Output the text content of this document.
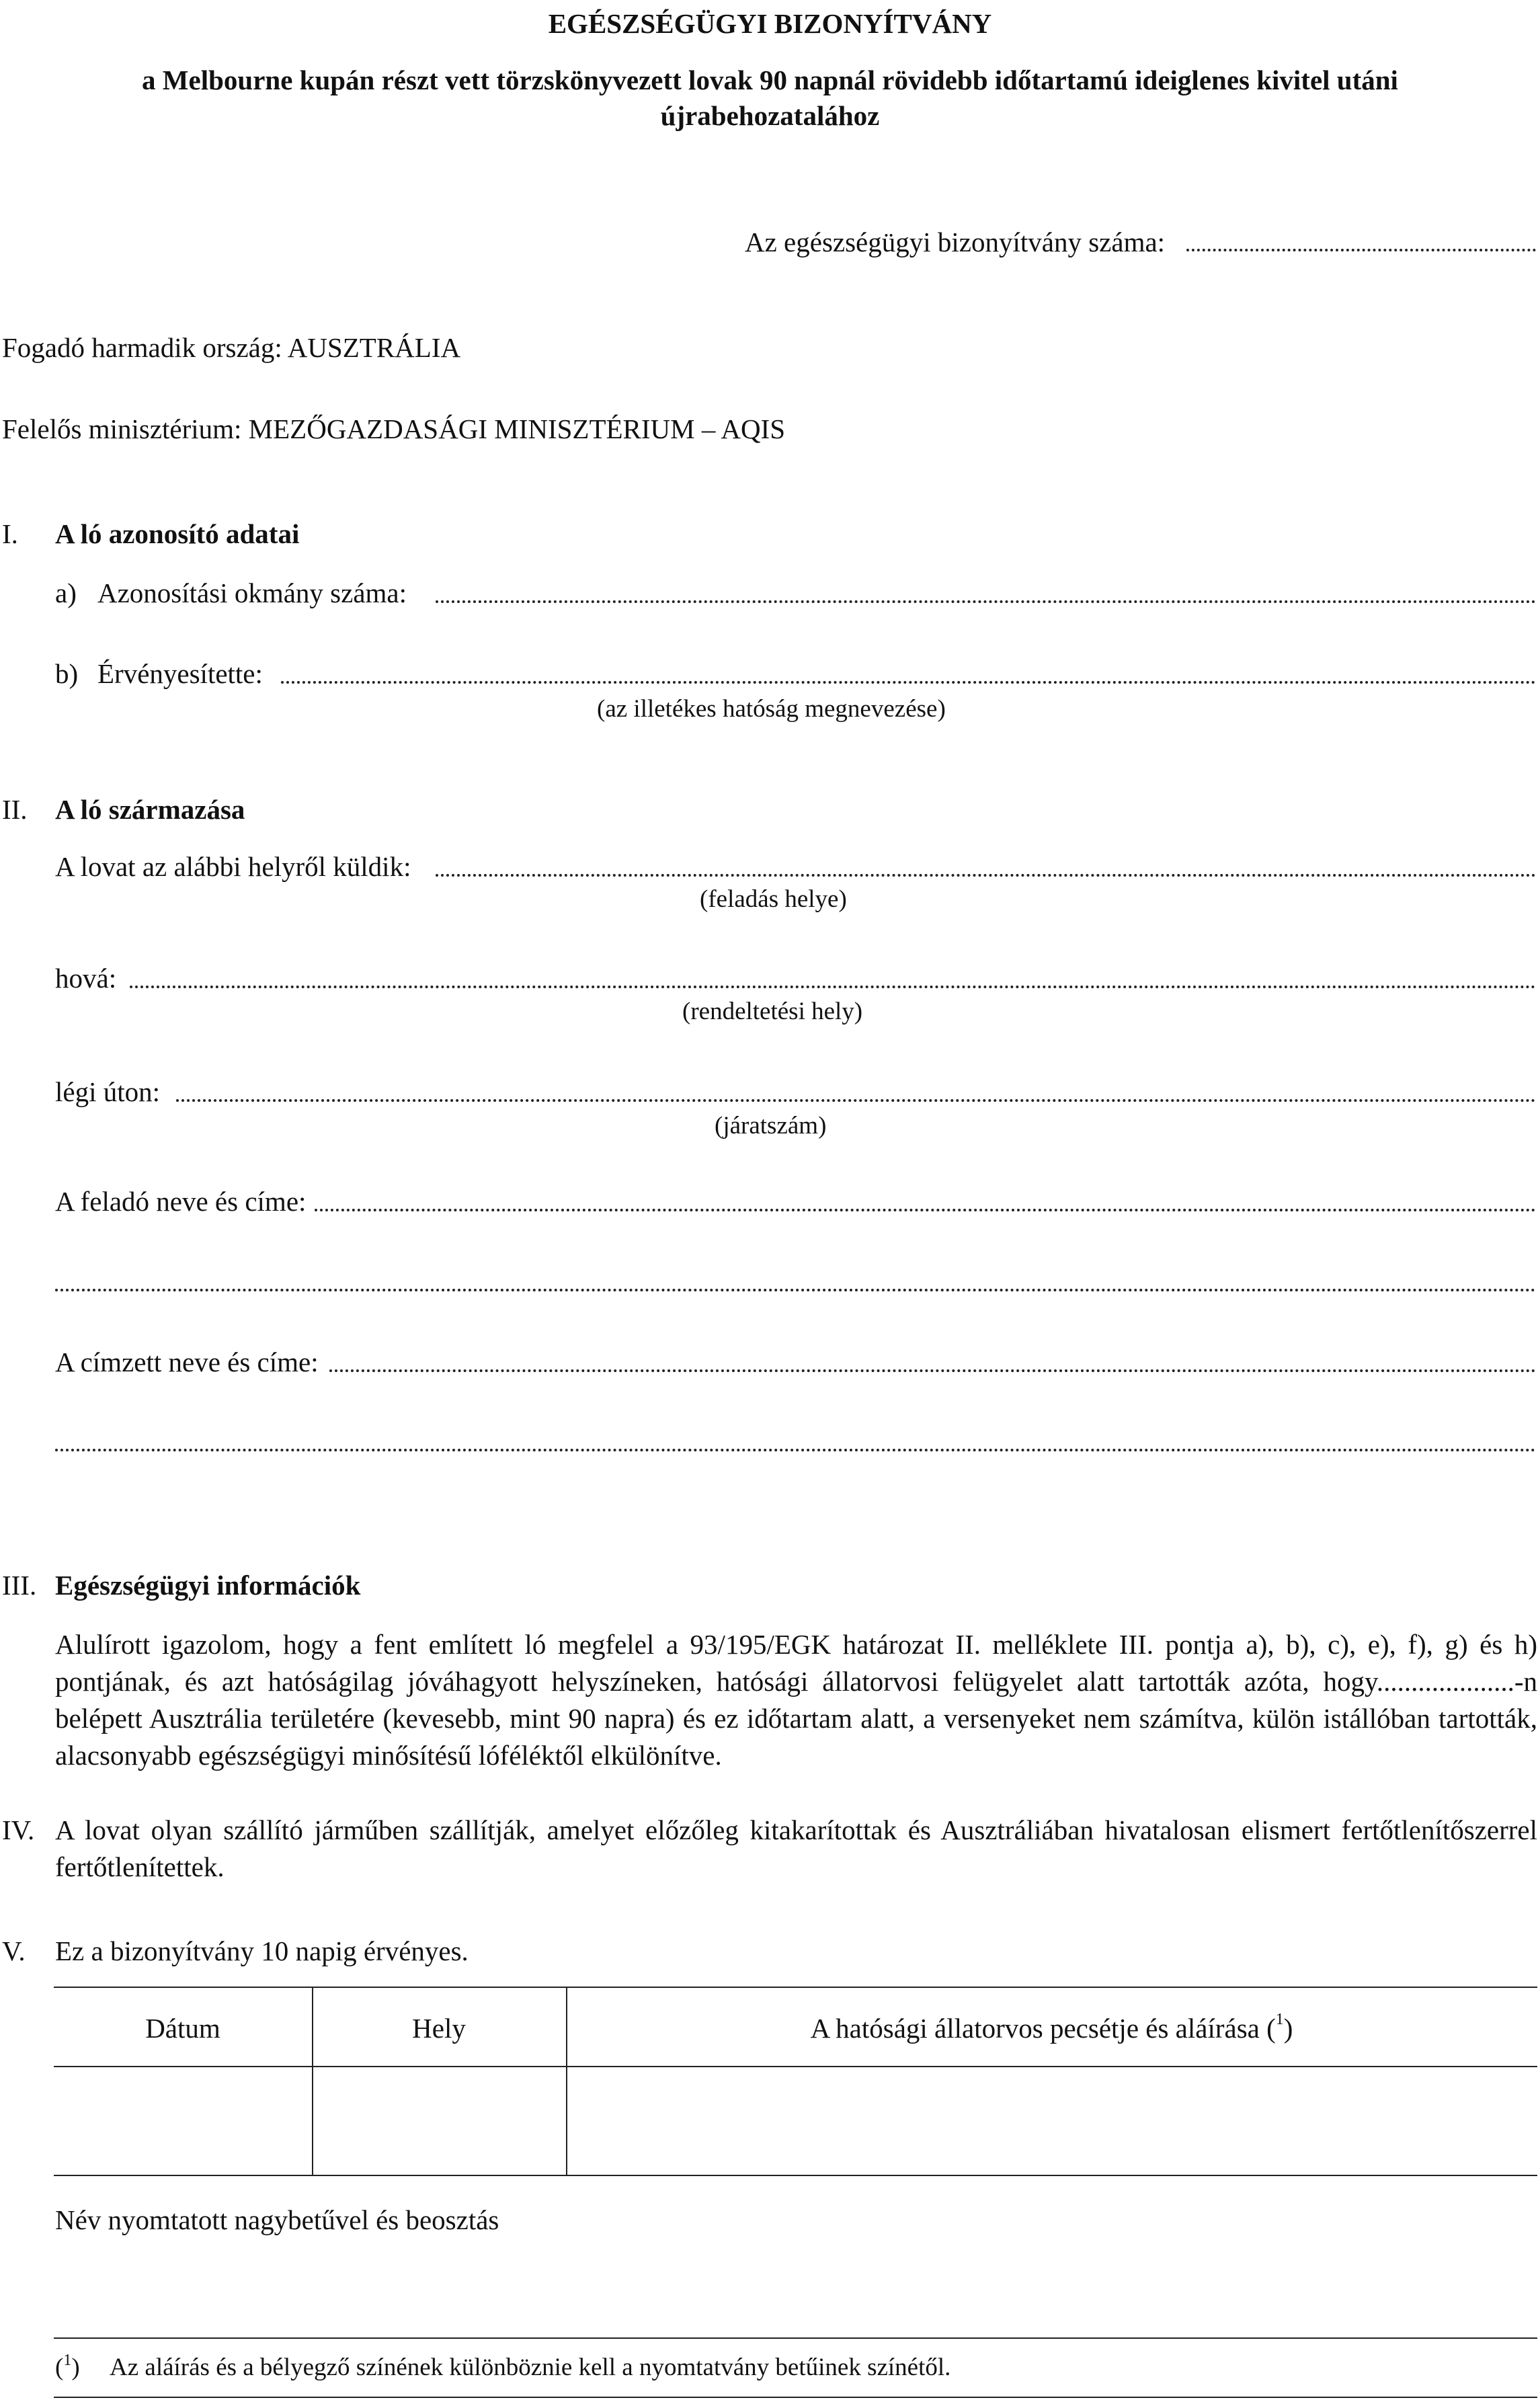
EGÉSZSÉGÜGYI BIZONYÍTVÁNY
a Melbourne kupán részt vett törzskönyvezett lovak 90 napnál rövidebb időtartamú ideiglenes kivitel utáni
újrabehozatalához
Az egészségügyi bizonyítvány száma:
Fogadó harmadik ország: AUSZTRÁLIA
Felelős minisztérium: MEZŐGAZDASÁGI MINISZTÉRIUM – AQIS
I. A ló azonosító adatai
a) Azonosítási okmány száma:
b) Érvényesítette:
(az illetékes hatóság megnevezése)
II. A ló származása
A lovat az alábbi helyről küldik:
(feladás helye)
hová:
(rendeltetési hely)
légi úton:
(járatszám)
A feladó neve és címe:
A címzett neve és címe:
III. Egészségügyi információk
Alulírott igazolom, hogy a fent említett ló megfelel a 93/195/EGK határozat II. melléklete III. pontja a), b), c), e), f), g) és h) pontjának, és azt hatóságilag jóváhagyott helyszíneken, hatósági állatorvosi felügyelet alatt tartották azóta, hogy....................-n belépett Ausztrália területére (kevesebb, mint 90 napra) és ez időtartam alatt, a versenyeket nem számítva, külön istállóban tartották, alacsonyabb egészségügyi minősítésű lóféléktől elkülönítve.
IV. A lovat olyan szállító járműben szállítják, amelyet előzőleg kitakarítottak és Ausztráliában hivatalosan elismert fertőtlenítőszerrel fertőtlenítettek.
V. Ez a bizonyítvány 10 napig érvényes.
Dátum	Hely	A hatósági állatorvos pecsétje és aláírása ($^1$)
Név nyomtatott nagybetűvel és beosztás
($^1$) Az aláírás és a bélyegző színének különböznie kell a nyomtatvány betűinek színétől.
